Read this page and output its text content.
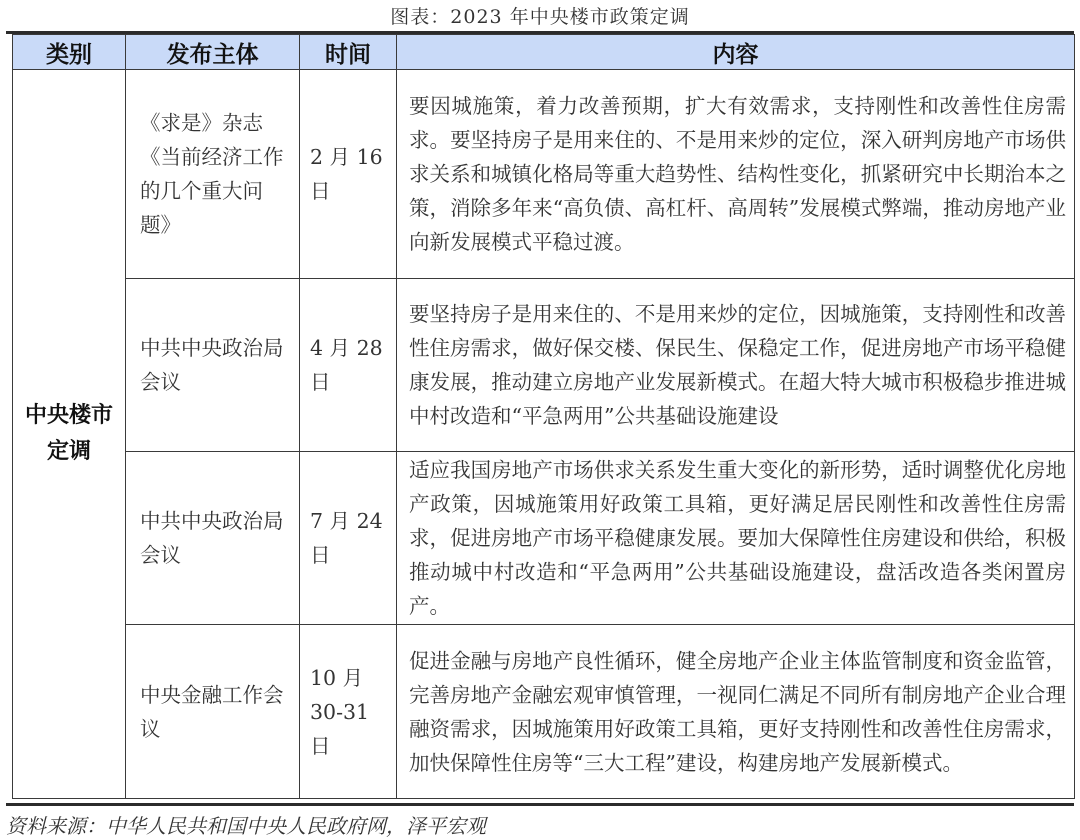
图表：2023 年中央楼市政策定调
类别	发布主体	时间	内容
中央楼市定调	《求是》杂志《当前经济工作的几个重大问题》	2 月 16 日	要因城施策，着力改善预期，扩大有效需求，支持刚性和改善性住房需求。要坚持房子是用来住的、不是用来炒的定位，深入研判房地产市场供求关系和城镇化格局等重大趋势性、结构性变化，抓紧研究中长期治本之策，消除多年来“高负债、高杠杆、高周转”发展模式弊端，推动房地产业向新发展模式平稳过渡。
	中共中央政治局会议	4 月 28 日	要坚持房子是用来住的、不是用来炒的定位，因城施策，支持刚性和改善性住房需求，做好保交楼、保民生、保稳定工作，促进房地产市场平稳健康发展，推动建立房地产业发展新模式。在超大特大城市积极稳步推进城中村改造和“平急两用”公共基础设施建设
	中共中央政治局会议	7 月 24 日	适应我国房地产市场供求关系发生重大变化的新形势，适时调整优化房地产政策，因城施策用好政策工具箱，更好满足居民刚性和改善性住房需求，促进房地产市场平稳健康发展。要加大保障性住房建设和供给，积极推动城中村改造和“平急两用”公共基础设施建设，盘活改造各类闲置房产。
	中央金融工作会议	10 月 30-31 日	促进金融与房地产良性循环，健全房地产企业主体监管制度和资金监管，完善房地产金融宏观审慎管理，一视同仁满足不同所有制房地产企业合理融资需求，因城施策用好政策工具箱，更好支持刚性和改善性住房需求，加快保障性住房等“三大工程”建设，构建房地产发展新模式。
资料来源：中华人民共和国中央人民政府网，泽平宏观
